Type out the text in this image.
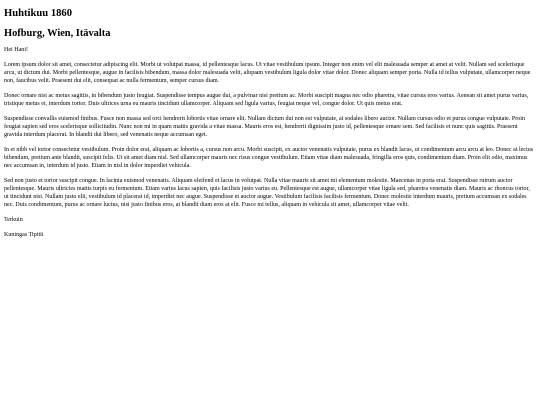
Huhtikuu 1860
Hofburg, Wien, Itävalta

Hei Hani!

Lorem ipsum dolor sit amet, consectetur adipiscing elit. Morbi ut volutpat massa, id pellentesque lacus. Ut vitae vestibulum ipsum. Integer non enim vel elit malesuada semper at amet at velit. Nullam sed scelerisque arcu, ut dictum dui. Morbi pellentesque, augue in facilisis bibendum, massa dolor malesuada velit, aliquam vestibulum ligula dolor vitae dolor. Donec aliquam semper porta. Nulla id tellus vulputate, ullamcorper neque non, faucibus velit. Praesent dui elit, consequat ac nulla fermentum, semper cursus diam.

Donec ornare nisi ac metus sagittis, in bibendum justo feugiat. Suspendisse tempus augue dui, a pulvinar nisi pretium ac. Morbi suscipit magna nec odio pharetra, vitae cursus eros varius. Aenean sit amet purus varius, tristique metus et, interdum tortor. Duis ultrices urna eu mauris tincidunt ullamcorper. Aliquam sed ligula varius, feugiat neque vel, congue dolor. Ut quis metus erat.

Suspendisse convallis euismod finibus. Fusce non massa sed orci hendrerit lobortis vitae ornare elit. Nullam dictum dui non est vulputate, at sodales libero auctor. Nullam cursus odio et purus congue vulputate. Proin feugiat sapien sed eros scelerisque sollicitudin. Nunc non mi in quam mattis gravida a vitae massa. Mauris eros est, hendrerit dignissim justo id, pellentesque ornare sem. Sed facilisis et nunc quis sagittis. Praesent gravida interdum placerat. In blandit dui libero, sed venenatis neque accumsan eget.

In et nibh vel tortor consectetur vestibulum. Proin dolor erat, aliquam ac lobortis a, cursus non arcu. Morbi suscipit, ex auctor venenatis vulputate, purus ex blandit lacus, ut condimentum arcu arcu at leo. Donec at lectus bibendum, pretium ante blandit, suscipit felis. Ut sit amet diam nisl. Sed ullamcorper mauris nec risus congue vestibulum. Etiam vitae diam malesuada, fringilla eros quis, condimentum diam. Proin elit odio, maximus nec accumsan in, interdum id justo. Etiam in nisl in dolor imperdiet vehicula.

Sed non justo et tortor suscipit congue. In lacinia euismod venenatis. Aliquam eleifend et lacus in volutpat. Nulla vitae mauris sit amet mi elementum molestie. Maecenas in porta erat. Suspendisse rutrum auctor pellentesque. Mauris ultricies mattis turpis eu fermentum. Etiam varius lacus sapien, quis facilisis justo varius eu. Pellentesque est augue, ullamcorper vitae ligula sed, pharetra venenatis diam. Mauris ac rhoncus tortor, ut tincidunt nisi. Nullam justo elit, vestibulum id placerat id, imperdiet nec augue. Suspendisse et auctor augue. Vestibulum facilisis facilisis fermentum. Donec molestie interdum mauris, pretium accumsan ex sodales nec. Duis condimentum, purus ac ornare luctus, nisi justo finibus eros, at blandit diam eros at elit. Fusce mi tellus, aliquam in vehicula sit amet, ullamcorper vitae velit.

Terkuin

Kuningas Tipitii
